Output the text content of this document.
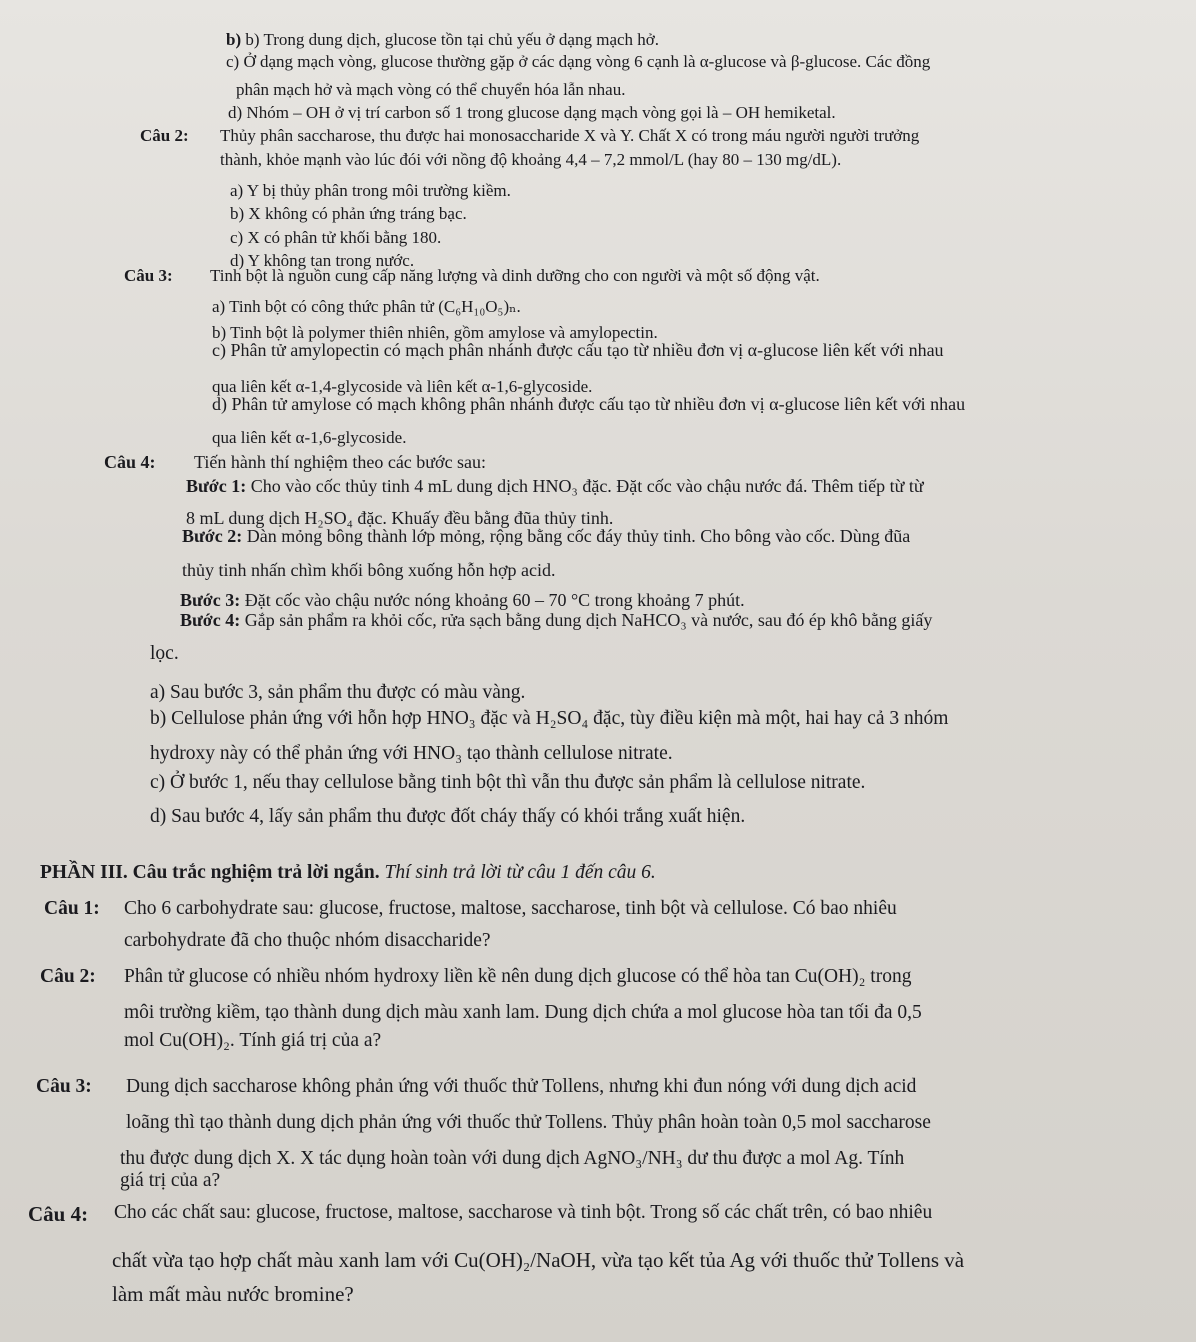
b) b) Trong dung dịch, glucose tồn tại chủ yếu ở dạng mạch hở.
c) Ở dạng mạch vòng, glucose thường gặp ở các dạng vòng 6 cạnh là α-glucose và β-glucose. Các đồng
phân mạch hở và mạch vòng có thể chuyển hóa lẫn nhau.
d) Nhóm – OH ở vị trí carbon số 1 trong glucose dạng mạch vòng gọi là – OH hemiketal.
Câu 2: Thủy phân saccharose, thu được hai monosaccharide X và Y. Chất X có trong máu người người trưởng
thành, khỏe mạnh vào lúc đói với nồng độ khoảng 4,4 – 7,2 mmol/L (hay 80 – 130 mg/dL).
a) Y bị thủy phân trong môi trường kiềm.
b) X không có phản ứng tráng bạc.
c) X có phân tử khối bằng 180.
d) Y không tan trong nước.
Câu 3: Tinh bột là nguồn cung cấp năng lượng và dinh dưỡng cho con người và một số động vật.
a) Tinh bột có công thức phân tử (C₆H₁₀O₅)ₙ.
b) Tinh bột là polymer thiên nhiên, gồm amylose và amylopectin.
c) Phân tử amylopectin có mạch phân nhánh được cấu tạo từ nhiều đơn vị α-glucose liên kết với nhau
qua liên kết α-1,4-glycoside và liên kết α-1,6-glycoside.
d) Phân tử amylose có mạch không phân nhánh được cấu tạo từ nhiều đơn vị α-glucose liên kết với nhau
qua liên kết α-1,6-glycoside.
Câu 4: Tiến hành thí nghiệm theo các bước sau:
Bước 1: Cho vào cốc thủy tinh 4 mL dung dịch HNO₃ đặc. Đặt cốc vào chậu nước đá. Thêm tiếp từ từ
8 mL dung dịch H₂SO₄ đặc. Khuấy đều bằng đũa thủy tinh.
Bước 2: Dàn mỏng bông thành lớp mỏng, rộng bằng cốc đáy thủy tinh. Cho bông vào cốc. Dùng đũa
thủy tinh nhấn chìm khối bông xuống hỗn hợp acid.
Bước 3: Đặt cốc vào chậu nước nóng khoảng 60 – 70 °C trong khoảng 7 phút.
Bước 4: Gắp sản phẩm ra khỏi cốc, rửa sạch bằng dung dịch NaHCO₃ và nước, sau đó ép khô bằng giấy
lọc.
a) Sau bước 3, sản phẩm thu được có màu vàng.
b) Cellulose phản ứng với hỗn hợp HNO₃ đặc và H₂SO₄ đặc, tùy điều kiện mà một, hai hay cả 3 nhóm
hydroxy này có thể phản ứng với HNO₃ tạo thành cellulose nitrate.
c) Ở bước 1, nếu thay cellulose bằng tinh bột thì vẫn thu được sản phẩm là cellulose nitrate.
d) Sau bước 4, lấy sản phẩm thu được đốt cháy thấy có khói trắng xuất hiện.
PHẦN III. Câu trắc nghiệm trả lời ngắn. Thí sinh trả lời từ câu 1 đến câu 6.
Câu 1: Cho 6 carbohydrate sau: glucose, fructose, maltose, saccharose, tinh bột và cellulose. Có bao nhiêu
carbohydrate đã cho thuộc nhóm disaccharide?
Câu 2: Phân tử glucose có nhiều nhóm hydroxy liền kề nên dung dịch glucose có thể hòa tan Cu(OH)₂ trong
môi trường kiềm, tạo thành dung dịch màu xanh lam. Dung dịch chứa a mol glucose hòa tan tối đa 0,5
mol Cu(OH)₂. Tính giá trị của a?
Câu 3: Dung dịch saccharose không phản ứng với thuốc thử Tollens, nhưng khi đun nóng với dung dịch acid
loãng thì tạo thành dung dịch phản ứng với thuốc thử Tollens. Thủy phân hoàn toàn 0,5 mol saccharose
thu được dung dịch X. X tác dụng hoàn toàn với dung dịch AgNO₃/NH₃ dư thu được a mol Ag. Tính
giá trị của a?
Câu 4: Cho các chất sau: glucose, fructose, maltose, saccharose và tinh bột. Trong số các chất trên, có bao nhiêu
chất vừa tạo hợp chất màu xanh lam với Cu(OH)₂/NaOH, vừa tạo kết tủa Ag với thuốc thử Tollens và
làm mất màu nước bromine?
